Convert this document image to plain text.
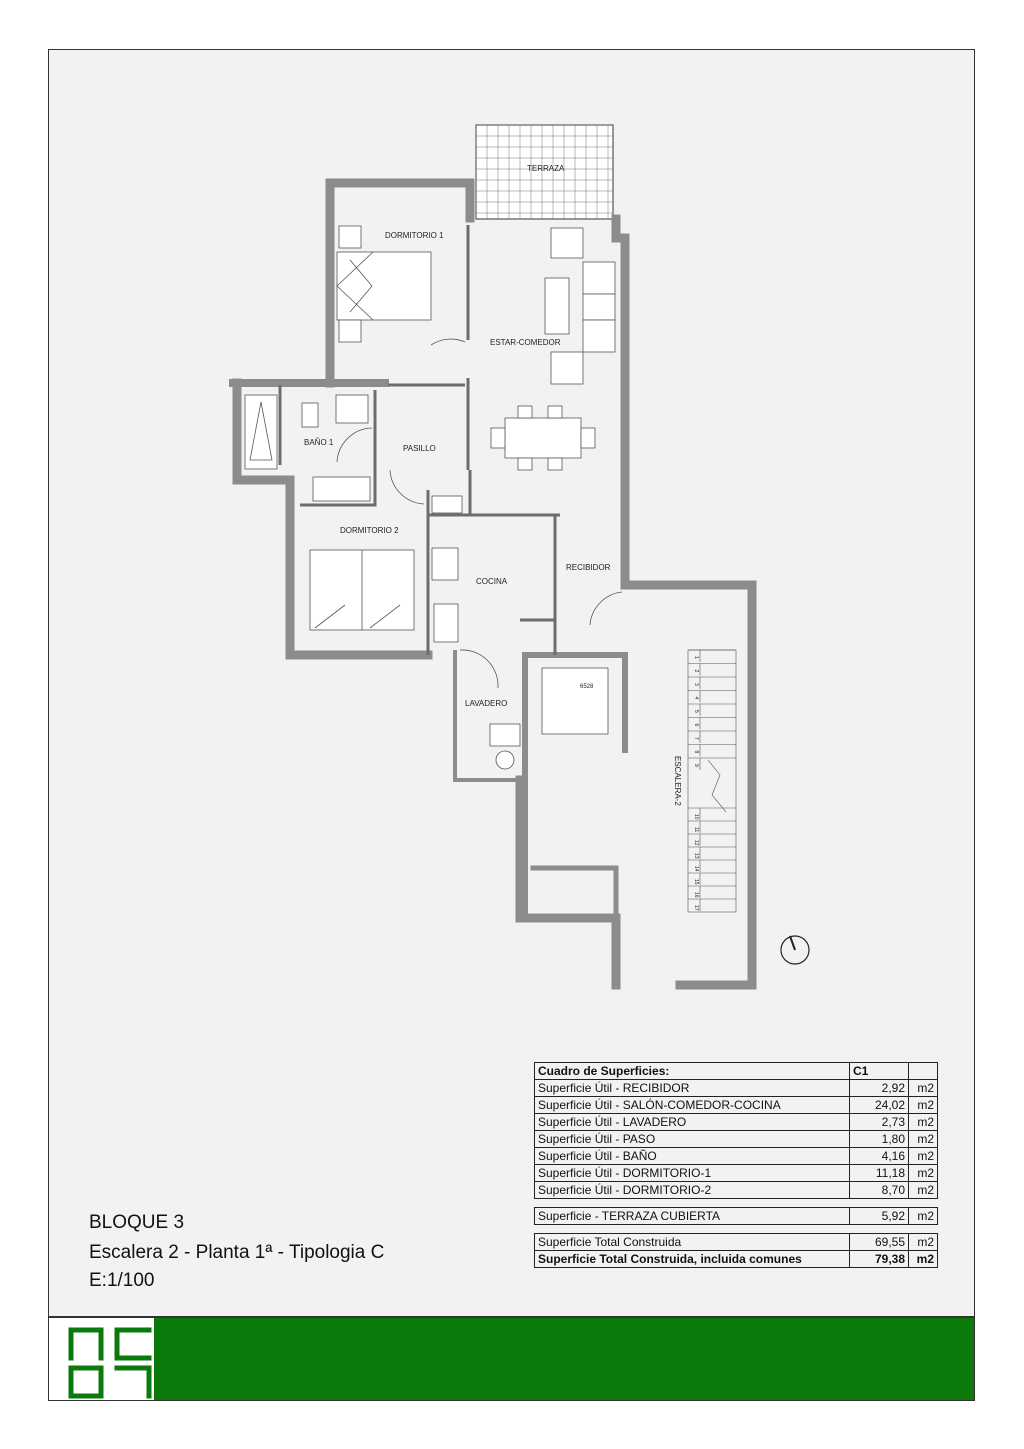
1
2
3
4
5
6
7
8
9
10
11
12
13
14
15
16
17
TERRAZA
DORMITORIO 1
ESTAR-COMEDOR
BAÑO 1
PASILLO
DORMITORIO 2
COCINA
RECIBIDOR
LAVADERO
6528
ESCALERA-2
Cuadro de Superficies:	C1	
Superficie Útil - RECIBIDOR	2,92	m2
Superficie Útil - SALÓN-COMEDOR-COCINA	24,02	m2
Superficie Útil - LAVADERO	2,73	m2
Superficie Útil - PASO	1,80	m2
Superficie Útil - BAÑO	4,16	m2
Superficie Útil - DORMITORIO-1	11,18	m2
Superficie Útil - DORMITORIO-2	8,70	m2

Superficie - TERRAZA CUBIERTA	5,92	m2

Superficie Total Construida	69,55	m2
Superficie Total Construida, incluida comunes	79,38	m2
BLOQUE 3
Escalera 2 - Planta 1ª - Tipologia C
E:1/100
